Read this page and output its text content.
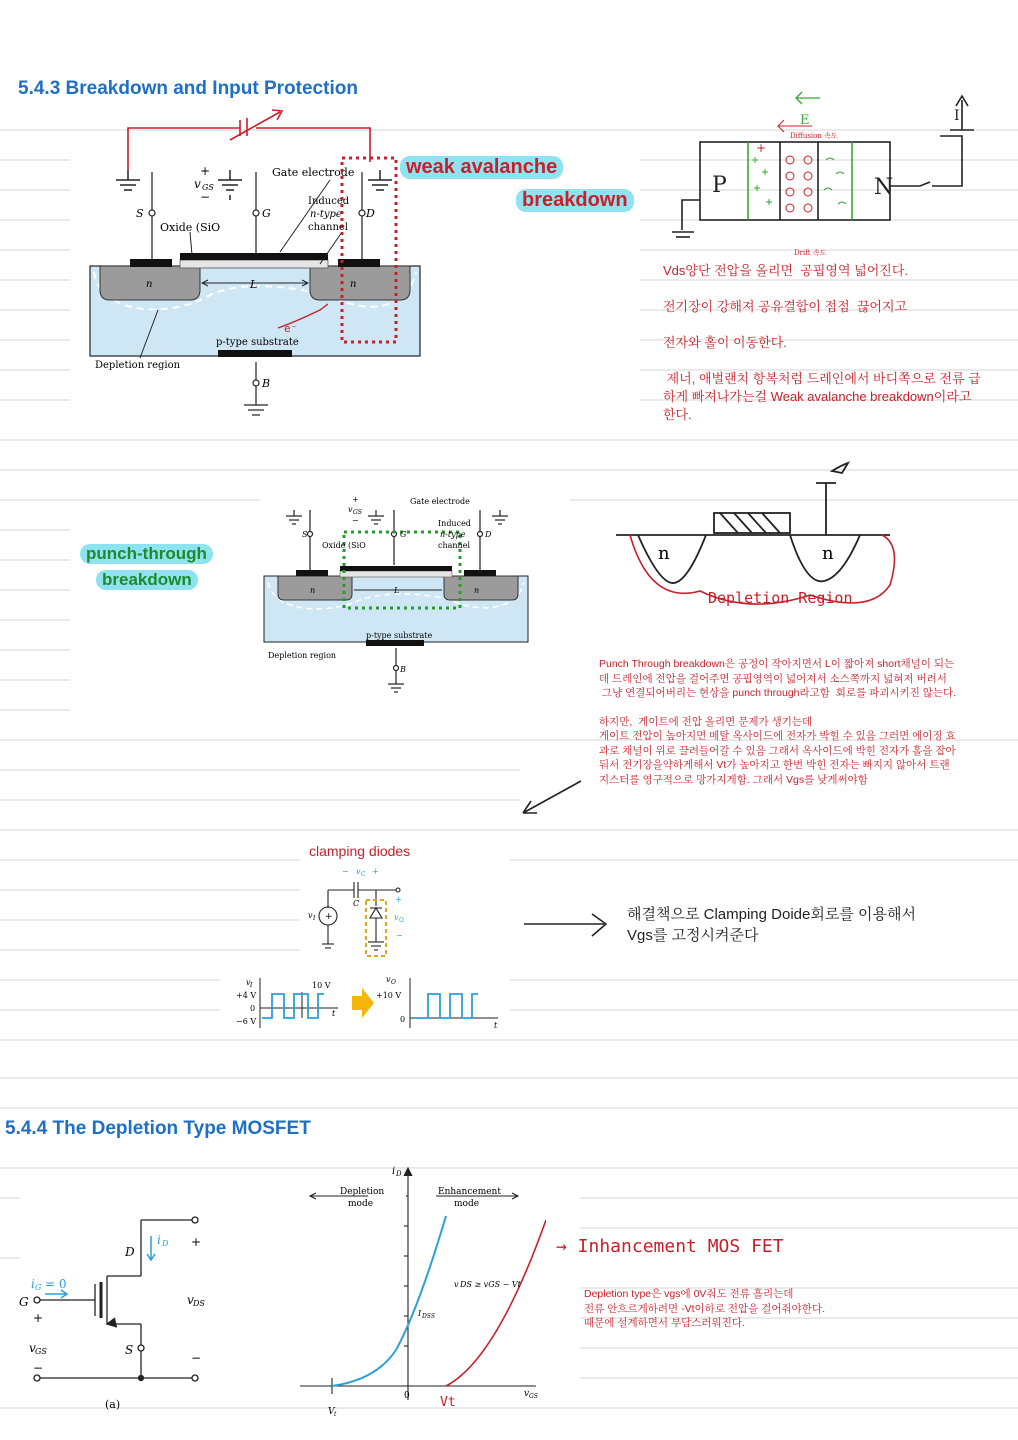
5.4.3 Breakdown and Input Protection
+
v GS
−
Gate electrode
Induced
n-type
channel
Oxide (SiO
S	G	D
B
n	n
L
p-type substrate
Depletion region
e⁻
weak avalanche
breakdown
E
Diffusion 속도
Drift 속도
+
P	N
I

Vds양단 전압을 올리면  공핍영역 넓어진다.

전기장이 강해져 공유결합이 점점  끊어지고

전자와 홀이 이동한다.

제너, 애벌랜치 항복처럼 드레인에서 바디쪽으로 전류 급하게 빠져나가는걸 Weak avalanche breakdown이라고 한다.

punch-through
breakdown
+
v GS
−
Gate electrode
Induced
n-type
channel
Oxide (SiO
S	G	D
B
n	n
L
p-type substrate
Depletion region
n	n
Depletion Region

Punch Through breakdown은 공정이 작아지면서 L이 짧아져 short채널이 되는데 드레인에 전압을 걸어주면 공핍영역이 넓어져서 소스쪽까지 넓혀저 버려서
그냥 연결되어버리는 현상을 punch through라고함  회로를 파괴시키진 않는다.

하지만,  게이트에 전압 올리면 문제가 생기는데
게이트 전압이 높아지면 메탈 옥사이드에 전자가 박힐 수 있음 그러면 에이징 효과로 채널이 위로 끌려들어갈 수 있음 그래서 옥사이드에 박힌 전자가 홀을 잡아둬서 전기장을약하게해서 Vt가 높아지고 한번 박힌 전자는 빠지지 않아서 트랜지스터를 영구적으로 망가지게함. 그래서 Vgs를 낮게써야함

clamping diodes
− v C +
+
v O
−
C
v I +
v I
+4 V
0
−6 V
10 V
t
v O
+10 V
0
t
해결책으로 Clamping Doide회로를 이용해서
Vgs를 고정시켜준다
5.4.4 The Depletion Type MOSFET
i G = 0
i D
D
S
G
+
v GS
−
+
v DS
−
(a)
Depletion
mode
Enhancement
mode
v DS ≥ vGS − Vt
I DSS
i D
v GS
0
V t
Vt
→ Inhancement MOS FET
Depletion type은 vgs에 0V줘도 전류 흘리는데
전류 안흐르게하려면 -Vt이하로 전압을 걸어줘야한다.
때문에 설계하면서 부담스러워진다.
